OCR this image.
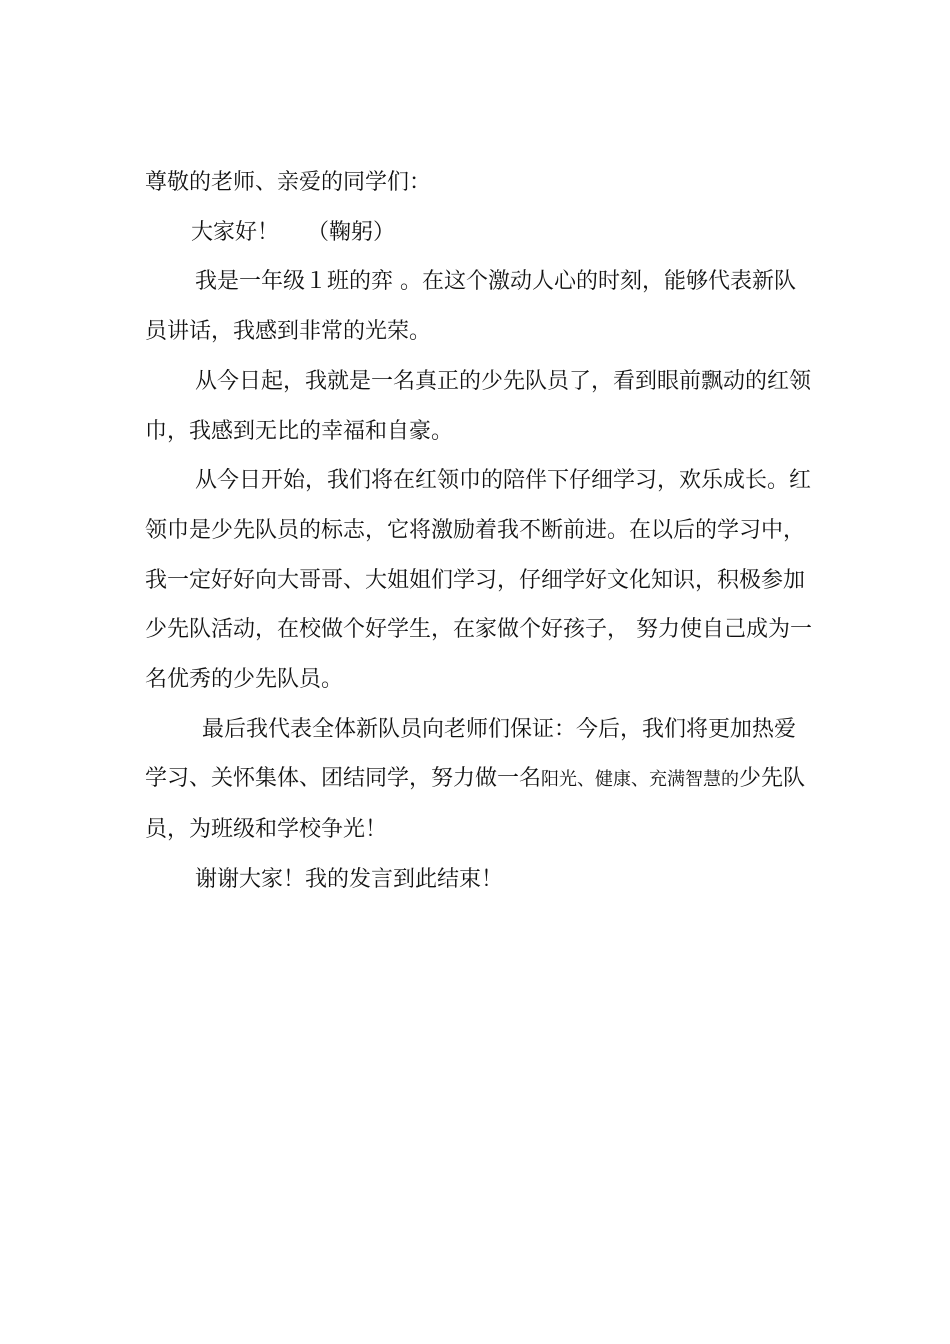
尊敬的老师、亲爱的同学们：

大家好！ （鞠躬）

我是一年级１班的弈 。在这个激动人心的时刻，能够代表新队员讲话，我感到非常的光荣。

从今日起，我就是一名真正的少先队员了，看到眼前飘动的红领巾，我感到无比的幸福和自豪。

从今日开始，我们将在红领巾的陪伴下仔细学习，欢乐成长。红领巾是少先队员的标志，它将激励着我不断前进。在以后的学习中，我一定好好向大哥哥、大姐姐们学习，仔细学好文化知识，积极参加少先队活动，在校做个好学生，在家做个好孩子， 努力使自己成为一名优秀的少先队员。

最后我代表全体新队员向老师们保证：今后，我们将更加热爱学习、关怀集体、团结同学，努力做一名阳光、健康、充满智慧的少先队员，为班级和学校争光！

谢谢大家！我的发言到此结束！
